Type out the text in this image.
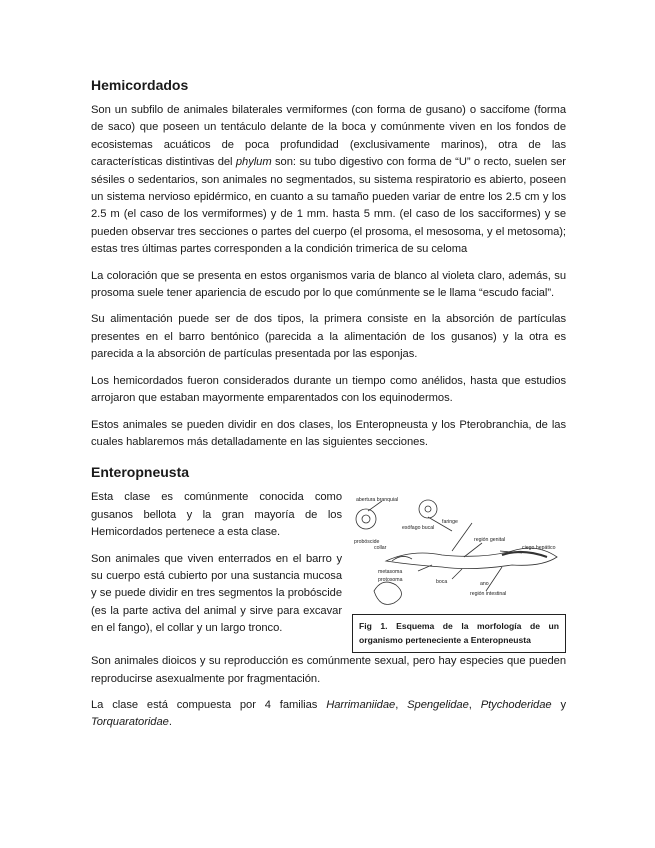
Hemicordados

Son un subfilo de animales bilaterales vermiformes (con forma de gusano) o saccifome (forma de saco) que poseen un tentáculo delante de la boca y comúnmente viven en los fondos de ecosistemas acuáticos de poca profundidad (exclusivamente marinos), otra de las características distintivas del phylum son: su tubo digestivo con forma de “U” o recto, suelen ser sésiles o sedentarios, son animales no segmentados, su sistema respiratorio es abierto, poseen un sistema nervioso epidérmico, en cuanto a su tamaño pueden variar de entre los 2.5 cm y los 2.5 m (el caso de los vermiformes) y de 1 mm. hasta 5 mm. (el caso de los sacciformes) y se pueden observar tres secciones o partes del cuerpo (el prosoma, el mesosoma, y el metosoma); estas tres últimas partes corresponden a la condición trimerica de su celoma

La coloración que se presenta en estos organismos varia de blanco al violeta claro, además, su prosoma suele tener apariencia de escudo por lo que comúnmente se le llama “escudo facial”.

Su alimentación puede ser de dos tipos, la primera consiste en la absorción de partículas presentes en el barro bentónico (parecida a la alimentación de los gusanos) y la otra es parecida a la absorción de partículas presentada por las esponjas.

Los hemicordados fueron considerados durante un tiempo como anélidos, hasta que estudios arrojaron que estaban mayormente emparentados con los equinodermos.

Estos animales se pueden dividir en dos clases, los Enteropneusta y los Pterobranchia, de las cuales hablaremos más detalladamente en las siguientes secciones.

Enteropneusta

Esta clase es comúnmente conocida como gusanos bellota y la gran mayoría de los Hemicordados pertenece a esta clase.

Son animales que viven enterrados en el barro y su cuerpo está cubierto por una sustancia mucosa y se puede dividir en tres segmentos la probóscide (es la parte activa del animal y sirve para excavar en el fango), el collar y un largo tronco.

abertura branquial
esófago bucal
probóscide
collar
faringe
metasoma
protosoma
región genital
región intestinal
ciego hepático
ano
boca
Fig 1. Esquema de la morfología de un organismo perteneciente a Enteropneusta

Son animales dioicos y su reproducción es comúnmente sexual, pero hay especies que pueden reproducirse asexualmente por fragmentación.

La clase está compuesta por 4 familias Harrimaniidae, Spengelidae, Ptychoderidae y Torquaratoridae.
